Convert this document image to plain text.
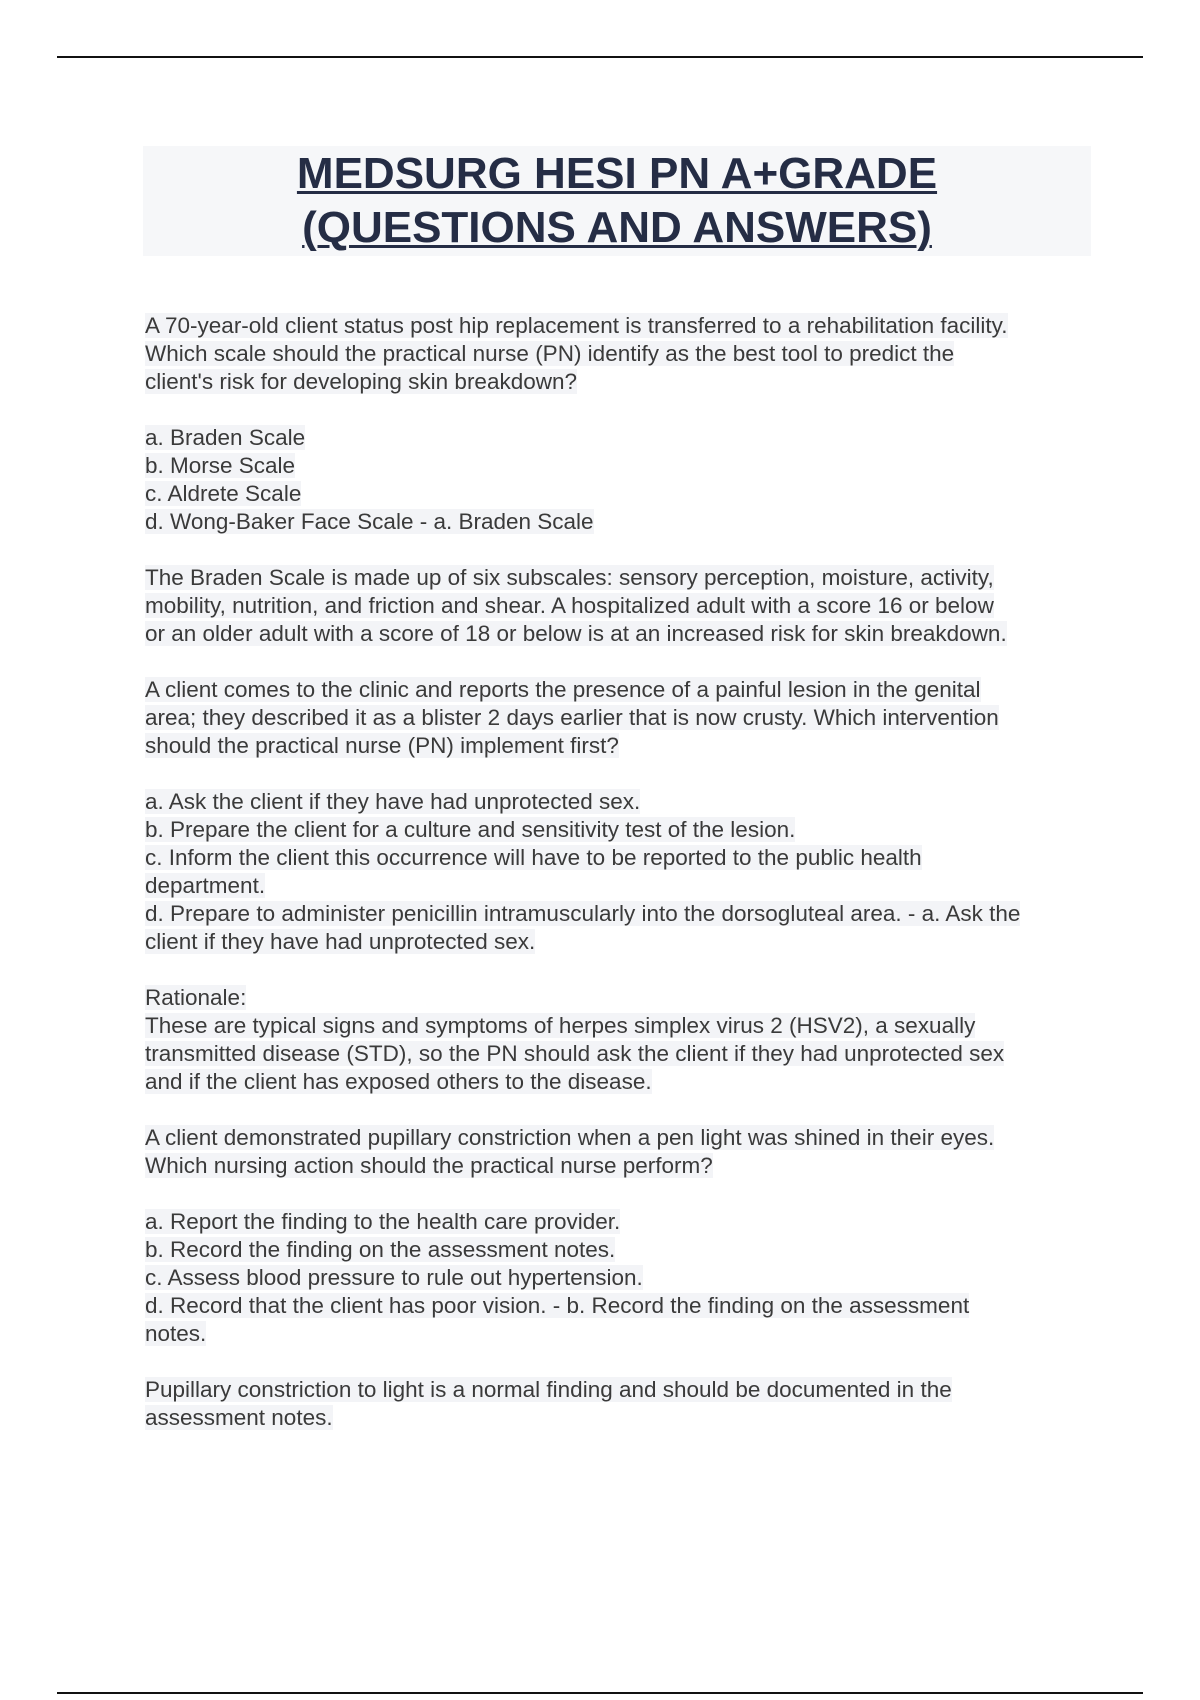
MEDSURG HESI PN A+GRADE
(QUESTIONS AND ANSWERS)
A 70-year-old client status post hip replacement is transferred to a rehabilitation facility.
Which scale should the practical nurse (PN) identify as the best tool to predict the
client's risk for developing skin breakdown?
a. Braden Scale
b. Morse Scale
c. Aldrete Scale
d. Wong-Baker Face Scale - a. Braden Scale
The Braden Scale is made up of six subscales: sensory perception, moisture, activity,
mobility, nutrition, and friction and shear. A hospitalized adult with a score 16 or below
or an older adult with a score of 18 or below is at an increased risk for skin breakdown.
A client comes to the clinic and reports the presence of a painful lesion in the genital
area; they described it as a blister 2 days earlier that is now crusty. Which intervention
should the practical nurse (PN) implement first?
a. Ask the client if they have had unprotected sex.
b. Prepare the client for a culture and sensitivity test of the lesion.
c. Inform the client this occurrence will have to be reported to the public health
department.
d. Prepare to administer penicillin intramuscularly into the dorsogluteal area. - a. Ask the
client if they have had unprotected sex.
Rationale:
These are typical signs and symptoms of herpes simplex virus 2 (HSV2), a sexually
transmitted disease (STD), so the PN should ask the client if they had unprotected sex
and if the client has exposed others to the disease.
A client demonstrated pupillary constriction when a pen light was shined in their eyes.
Which nursing action should the practical nurse perform?
a. Report the finding to the health care provider.
b. Record the finding on the assessment notes.
c. Assess blood pressure to rule out hypertension.
d. Record that the client has poor vision. - b. Record the finding on the assessment
notes.
Pupillary constriction to light is a normal finding and should be documented in the
assessment notes.
